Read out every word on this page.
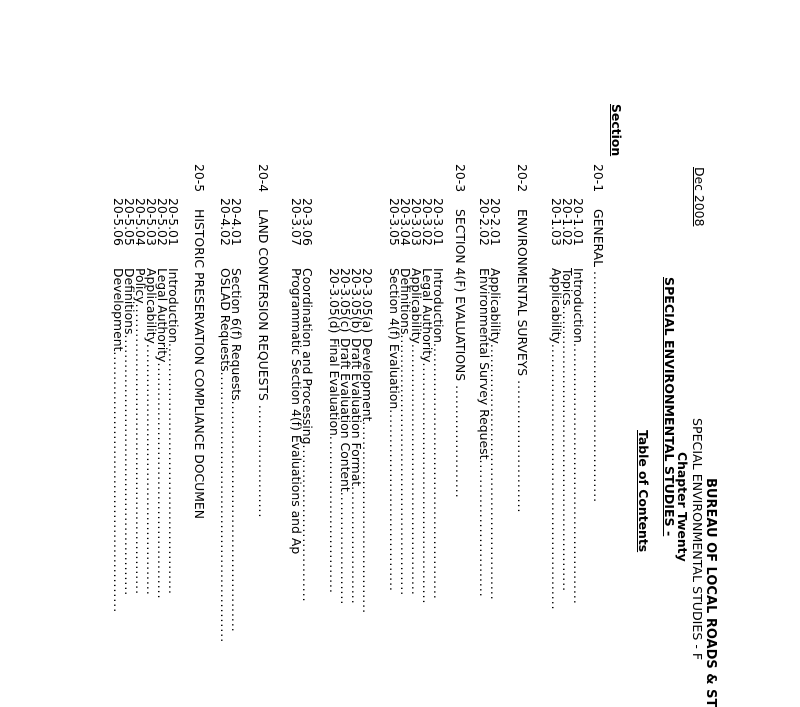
BUREAU OF LOCAL ROADS & ST
SPECIAL ENVIRONMENTAL STUDIES - F
Dec 2008
Chapter Twenty
SPECIAL ENVIRONMENTAL STUDIES -
Table of Contents
Section
20-1
GENERAL ...............................................
20-1.01
Introduction.....................................................
20-1.02
Topics..........................................................
20-1.03
Applicability......................................................
20-2
ENVIRONMENTAL SURVEYS ...........................
20-2.01
Applicability....................................................
20-2.02
Environmental Survey Request............................
20-3
SECTION 4(F) EVALUATIONS .......................
20-3.01
Introduction....................................................
20-3.02
Legal Authority.................................................
20-3.03
Applicability...................................................
20-3.04
Definitions.....................................................
20-3.05
Section 4(f) Evaluation.....................................
20-3.05(a)
Development.......................................
20-3.05(b)
Draft Evaluation Format........................
20-3.05(c)
Draft Evaluation Content.......................
20-3.05(d)
Final Evaluation................................
20-3.06
Coordination and Processing................................
20-3.07
Programmatic Section 4(f) Evaluations and Ap
20-4
LAND CONVERSION REQUESTS .......................
20-4.01
Section 6(f) Requests...............................................
20-4.02
OSLAD Requests.......................................................
20-5
HISTORIC PRESERVATION COMPLIANCE DOCUMEN
20-5.01
Introduction...................................................
20-5.02
Legal Authority................................................
20-5.03
Applicability...................................................
20-5.04
Policy...........................................................
20-5.05
Definitions.....................................................
20-5.06
Development.....................................................
